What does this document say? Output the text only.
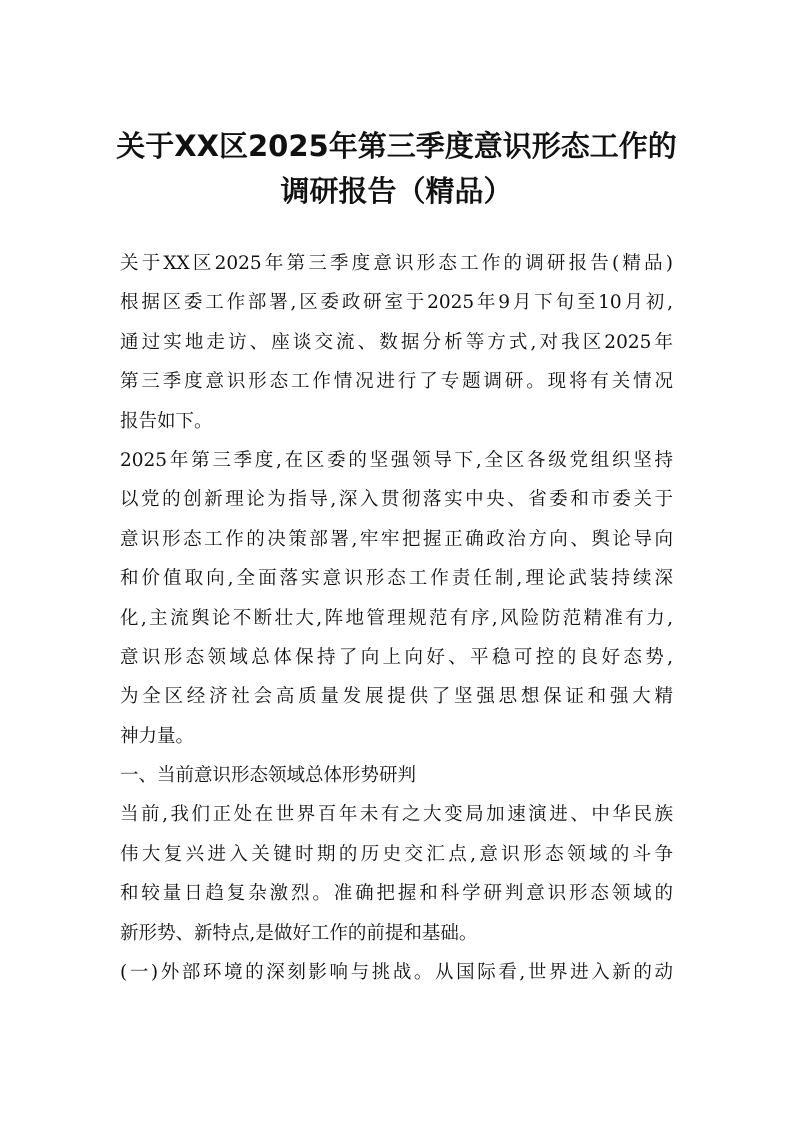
关于XX区2025年第三季度意识形态工作的
调研报告（精品）
关于XX区2025年第三季度意识形态工作的调研报告(精品)
根据区委工作部署,区委政研室于2025年9月下旬至10月初,
通过实地走访、座谈交流、数据分析等方式,对我区2025年
第三季度意识形态工作情况进行了专题调研。现将有关情况
报告如下。
2025年第三季度,在区委的坚强领导下,全区各级党组织坚持
以党的创新理论为指导,深入贯彻落实中央、省委和市委关于
意识形态工作的决策部署,牢牢把握正确政治方向、舆论导向
和价值取向,全面落实意识形态工作责任制,理论武装持续深
化,主流舆论不断壮大,阵地管理规范有序,风险防范精准有力,
意识形态领域总体保持了向上向好、平稳可控的良好态势,
为全区经济社会高质量发展提供了坚强思想保证和强大精
神力量。
一、当前意识形态领域总体形势研判
当前,我们正处在世界百年未有之大变局加速演进、中华民族
伟大复兴进入关键时期的历史交汇点,意识形态领域的斗争
和较量日趋复杂激烈。准确把握和科学研判意识形态领域的
新形势、新特点,是做好工作的前提和基础。
(一)外部环境的深刻影响与挑战。从国际看,世界进入新的动
